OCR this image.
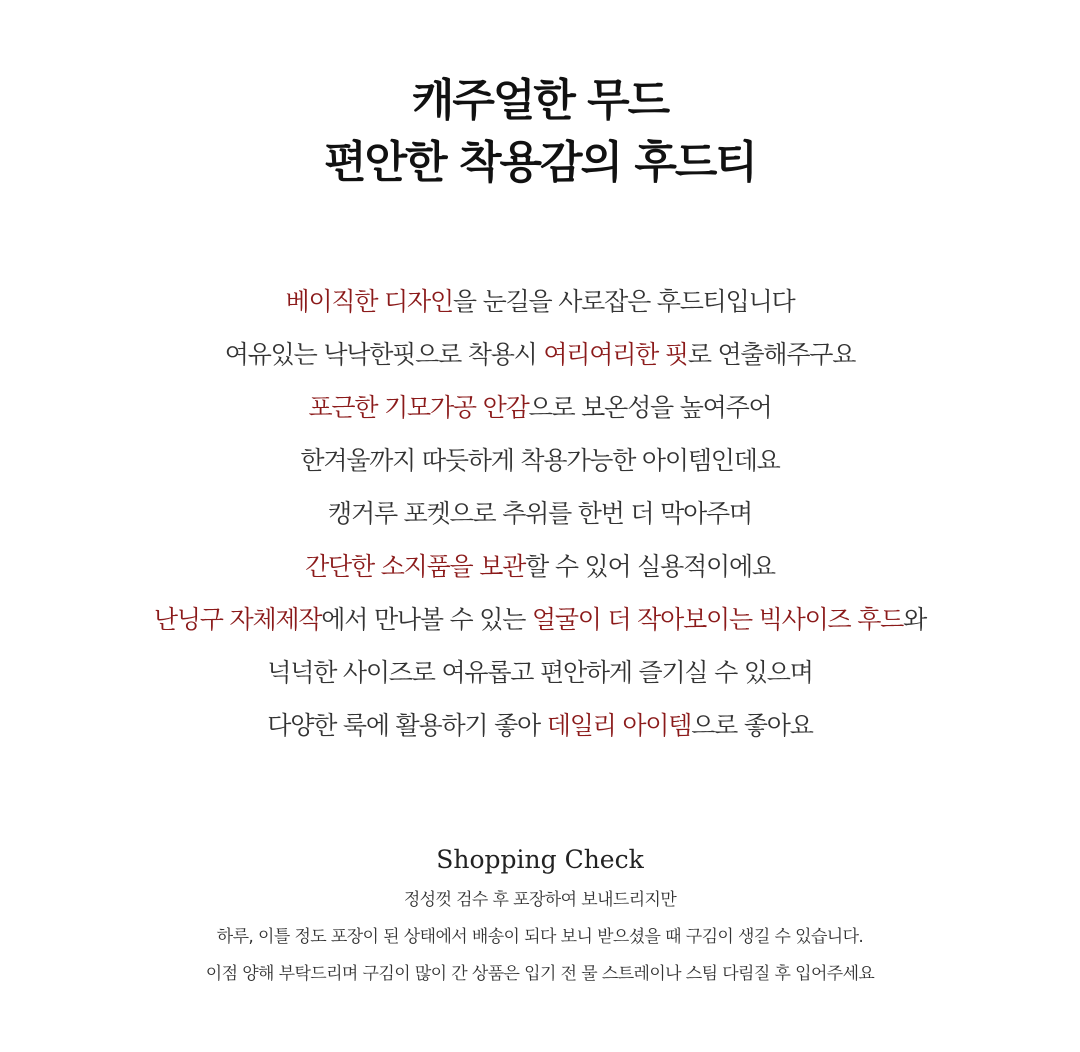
캐주얼한 무드
편안한 착용감의 후드티

베이직한 디자인을 눈길을 사로잡은 후드티입니다

여유있는 낙낙한핏으로 착용시 여리여리한 핏로 연출해주구요

포근한 기모가공 안감으로 보온성을 높여주어

한겨울까지 따듯하게 착용가능한 아이템인데요

캥거루 포켓으로 추위를 한번 더 막아주며

간단한 소지품을 보관할 수 있어 실용적이에요

난닝구 자체제작에서 만나볼 수 있는 얼굴이 더 작아보이는 빅사이즈 후드와

넉넉한 사이즈로 여유롭고 편안하게 즐기실 수 있으며

다양한 룩에 활용하기 좋아 데일리 아이템으로 좋아요

Shopping Check
정성껏 검수 후 포장하여 보내드리지만
하루, 이틀 정도 포장이 된 상태에서 배송이 되다 보니 받으셨을 때 구김이 생길 수 있습니다.
이점 양해 부탁드리며 구김이 많이 간 상품은 입기 전 물 스트레이나 스팀 다림질 후 입어주세요
